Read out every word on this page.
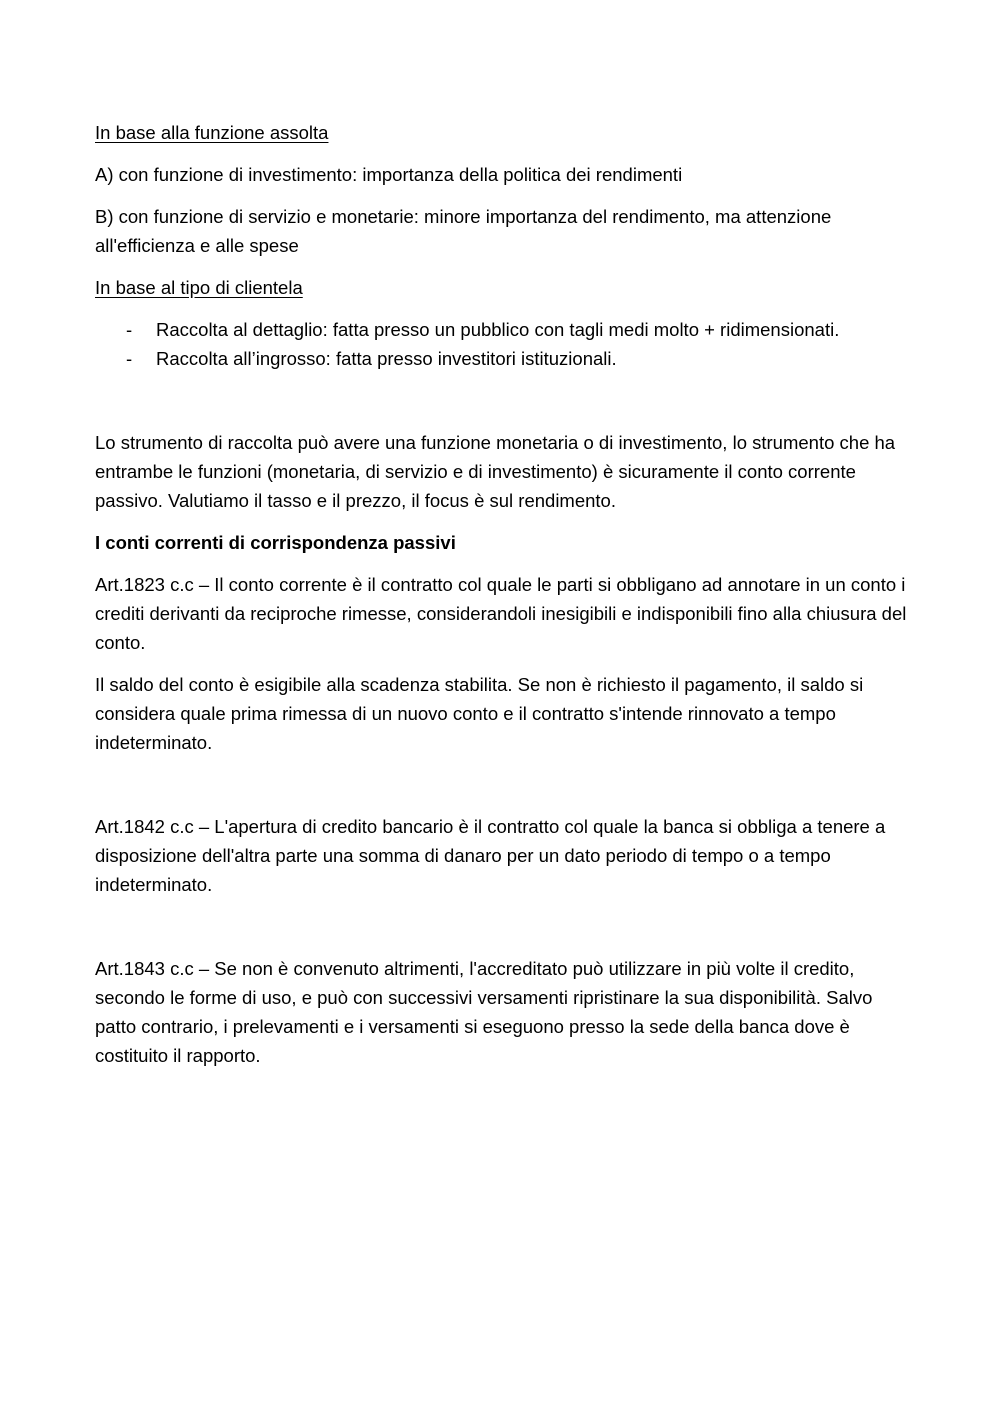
In base alla funzione assolta

A) con funzione di investimento: importanza della politica dei rendimenti

B) con funzione di servizio e monetarie: minore importanza del rendimento, ma attenzione all'efficienza e alle spese

In base al tipo di clientela

- Raccolta al dettaglio: fatta presso un pubblico con tagli medi molto + ridimensionati.
- Raccolta all’ingrosso: fatta presso investitori istituzionali.

Lo strumento di raccolta può avere una funzione monetaria o di investimento, lo strumento che ha entrambe le funzioni (monetaria, di servizio e di investimento) è sicuramente il conto corrente passivo. Valutiamo il tasso e il prezzo, il focus è sul rendimento.

I conti correnti di corrispondenza passivi

Art.1823 c.c – Il conto corrente è il contratto col quale le parti si obbligano ad annotare in un conto i crediti derivanti da reciproche rimesse, considerandoli inesigibili e indisponibili fino alla chiusura del conto.

Il saldo del conto è esigibile alla scadenza stabilita. Se non è richiesto il pagamento, il saldo si considera quale prima rimessa di un nuovo conto e il contratto s'intende rinnovato a tempo indeterminato.

Art.1842 c.c – L'apertura di credito bancario è il contratto col quale la banca si obbliga a tenere a disposizione dell'altra parte una somma di danaro per un dato periodo di tempo o a tempo indeterminato.

Art.1843 c.c – Se non è convenuto altrimenti, l'accreditato può utilizzare in più volte il credito, secondo le forme di uso, e può con successivi versamenti ripristinare la sua disponibilità. Salvo patto contrario, i prelevamenti e i versamenti si eseguono presso la sede della banca dove è costituito il rapporto.
